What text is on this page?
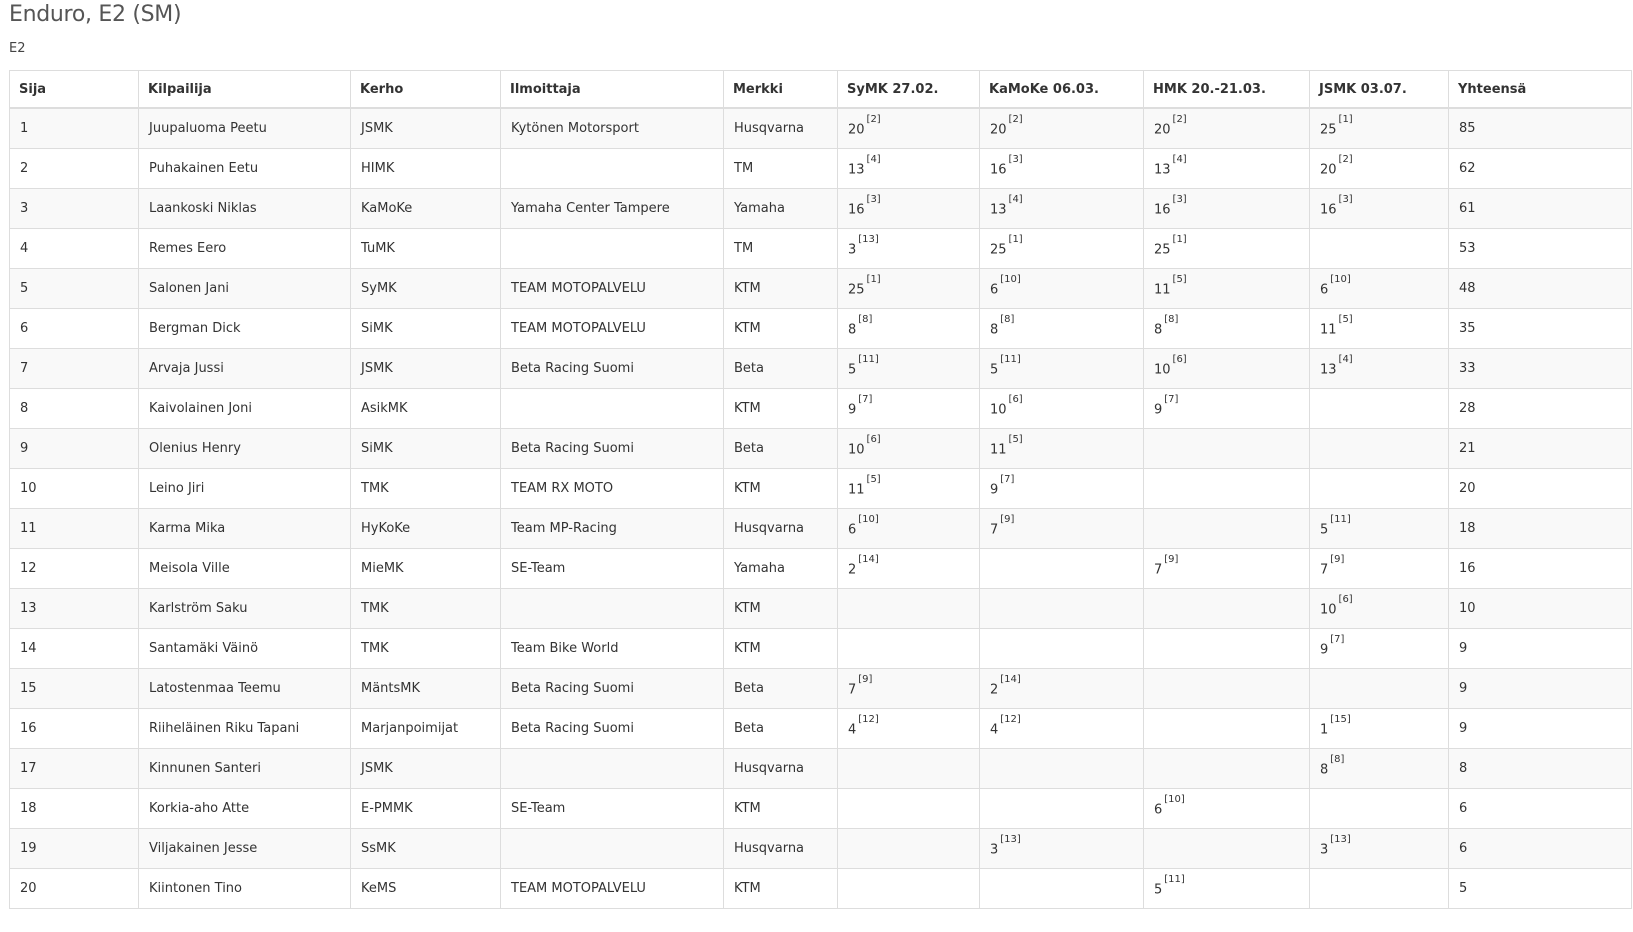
Enduro, E2 (SM)
E2
Sija	Kilpailija	Kerho	Ilmoittaja	Merkki	SyMK 27.02.	KaMoKe 06.03.	HMK 20.-21.03.	JSMK 03.07.	Yhteensä
1	Juupaluoma Peetu	JSMK	Kytönen Motorsport	Husqvarna	20[2]	20[2]	20[2]	25[1]	85
2	Puhakainen Eetu	HIMK		TM	13[4]	16[3]	13[4]	20[2]	62
3	Laankoski Niklas	KaMoKe	Yamaha Center Tampere	Yamaha	16[3]	13[4]	16[3]	16[3]	61
4	Remes Eero	TuMK		TM	3[13]	25[1]	25[1]		53
5	Salonen Jani	SyMK	TEAM MOTOPALVELU	KTM	25[1]	6[10]	11[5]	6[10]	48
6	Bergman Dick	SiMK	TEAM MOTOPALVELU	KTM	8[8]	8[8]	8[8]	11[5]	35
7	Arvaja Jussi	JSMK	Beta Racing Suomi	Beta	5[11]	5[11]	10[6]	13[4]	33
8	Kaivolainen Joni	AsikMK		KTM	9[7]	10[6]	9[7]		28
9	Olenius Henry	SiMK	Beta Racing Suomi	Beta	10[6]	11[5]			21
10	Leino Jiri	TMK	TEAM RX MOTO	KTM	11[5]	9[7]			20
11	Karma Mika	HyKoKe	Team MP-Racing	Husqvarna	6[10]	7[9]		5[11]	18
12	Meisola Ville	MieMK	SE-Team	Yamaha	2[14]		7[9]	7[9]	16
13	Karlström Saku	TMK		KTM				10[6]	10
14	Santamäki Väinö	TMK	Team Bike World	KTM				9[7]	9
15	Latostenmaa Teemu	MäntsMK	Beta Racing Suomi	Beta	7[9]	2[14]			9
16	Riiheläinen Riku Tapani	Marjanpoimijat	Beta Racing Suomi	Beta	4[12]	4[12]		1[15]	9
17	Kinnunen Santeri	JSMK		Husqvarna				8[8]	8
18	Korkia-aho Atte	E-PMMK	SE-Team	KTM			6[10]		6
19	Viljakainen Jesse	SsMK		Husqvarna		3[13]		3[13]	6
20	Kiintonen Tino	KeMS	TEAM MOTOPALVELU	KTM			5[11]		5
